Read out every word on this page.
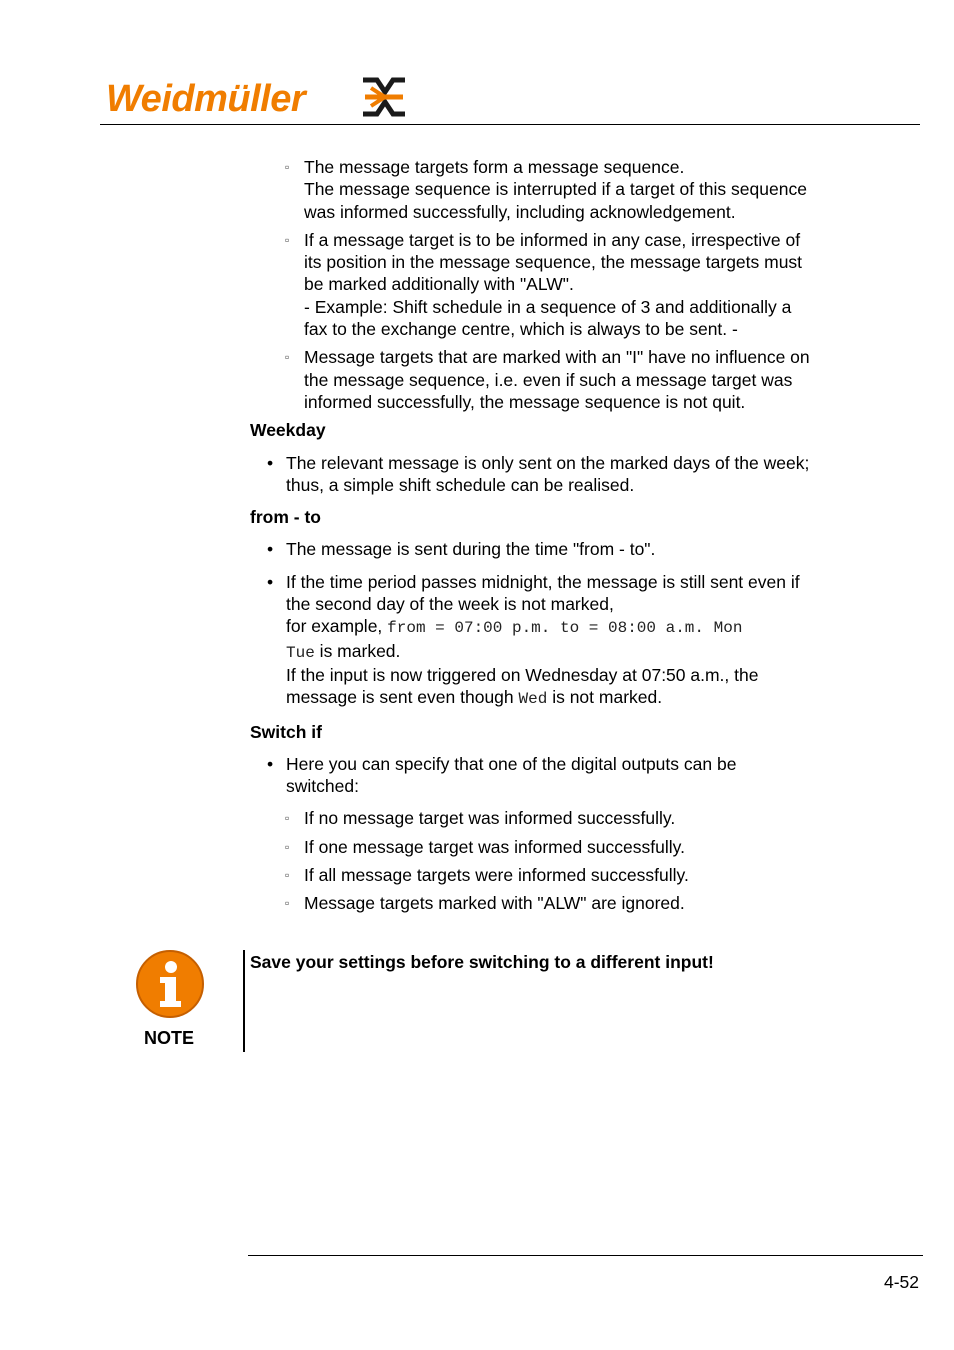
Weidmüller
▫ The message targets form a message sequence.
The message sequence is interrupted if a target of this sequence
was informed successfully, including acknowledgement.
▫ If a message target is to be informed in any case, irrespective of
its position in the message sequence, the message targets must
be marked additionally with "ALW".
- Example: Shift schedule in a sequence of 3 and additionally a
fax to the exchange centre, which is always to be sent. -
▫ Message targets that are marked with an "I" have no influence on
the message sequence, i.e. even if such a message target was
informed successfully, the message sequence is not quit.
Weekday
• The relevant message is only sent on the marked days of the week;
thus, a simple shift schedule can be realised.
from - to
• The message is sent during the time "from - to".
• If the time period passes midnight, the message is still sent even if
the second day of the week is not marked,
for example, from = 07:00 p.m. to = 08:00 a.m. Mon
Tue is marked.
If the input is now triggered on Wednesday at 07:50 a.m., the
message is sent even though Wed is not marked.
Switch if
• Here you can specify that one of the digital outputs can be
switched:
▫ If no message target was informed successfully.
▫ If one message target was informed successfully.
▫ If all message targets were informed successfully.
▫ Message targets marked with "ALW" are ignored.
NOTE
Save your settings before switching to a different input!
4-52
